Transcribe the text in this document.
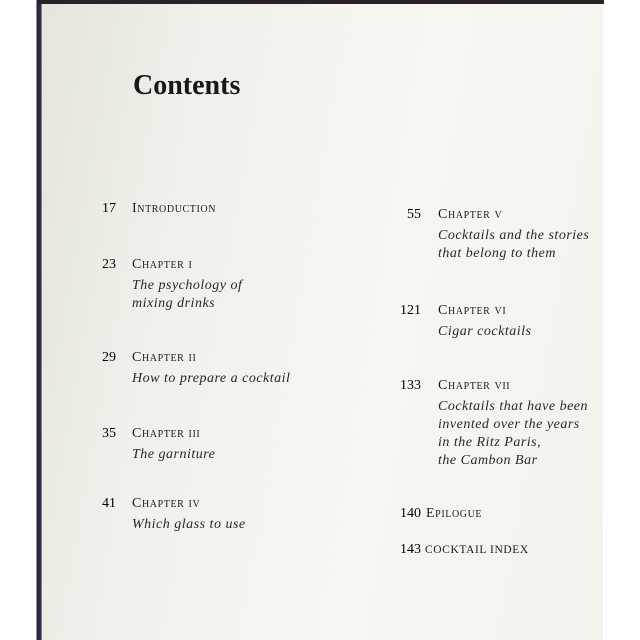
Contents
17 Introduction
23 Chapter i
The psychology of
mixing drinks
29 Chapter ii
How to prepare a cocktail
35 Chapter iii
The garniture
41 Chapter iv
Which glass to use
55 Chapter v
Cocktails and the stories
that belong to them
121 Chapter vi
Cigar cocktails
133 Chapter vii
Cocktails that have been
invented over the years
in the Ritz Paris,
the Cambon Bar
140 Epilogue
143 COCKTAIL INDEX
